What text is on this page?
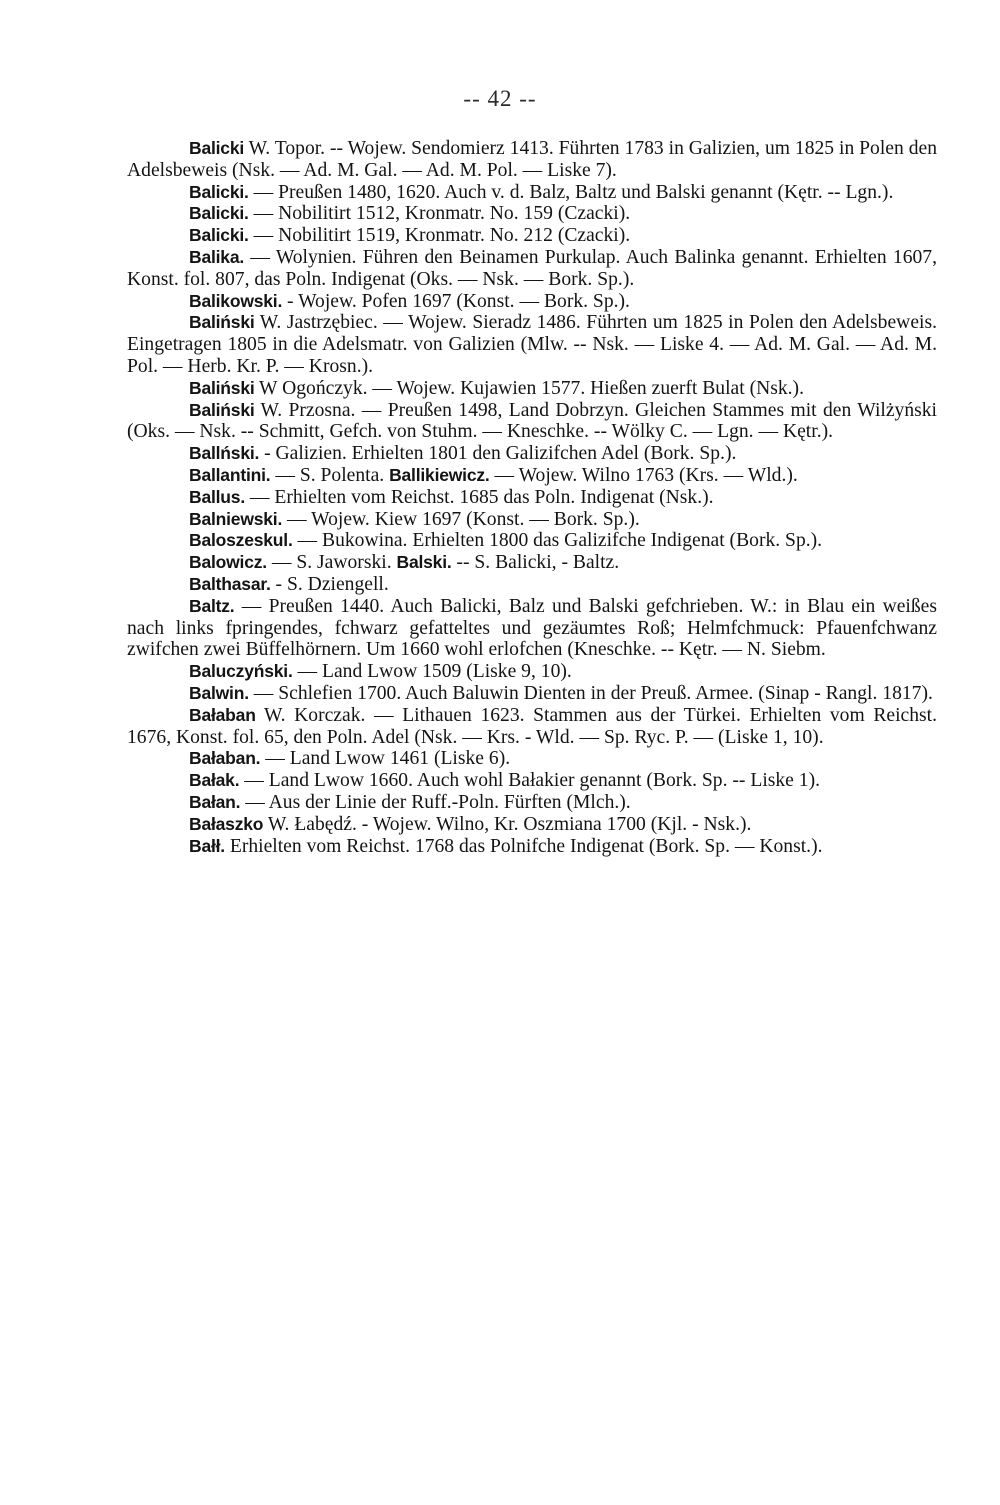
-- 42 --

Balicki W. Topor. -- Wojew. Sendomierz 1413. Führten 1783 in Galizien, um 1825 in Polen den Adelsbeweis (Nsk. — Ad. M. Gal. — Ad. M. Pol. — Liske 7).

Balicki. — Preußen 1480, 1620. Auch v. d. Balz, Baltz und Balski genannt (Kętr. -- Lgn.).

Balicki. — Nobilitirt 1512, Kronmatr. No. 159 (Czacki).

Balicki. — Nobilitirt 1519, Kronmatr. No. 212 (Czacki).

Balika. — Wolynien. Führen den Beinamen Purkulap. Auch Balinka genannt. Erhielten 1607, Konst. fol. 807, das Poln. Indigenat (Oks. — Nsk. — Bork. Sp.).

Balikowski. - Wojew. Pofen 1697 (Konst. — Bork. Sp.).

Baliński W. Jastrzębiec. — Wojew. Sieradz 1486. Führten um 1825 in Polen den Adelsbeweis. Eingetragen 1805 in die Adelsmatr. von Galizien (Mlw. -- Nsk. — Liske 4. — Ad. M. Gal. — Ad. M. Pol. — Herb. Kr. P. — Krosn.).

Baliński W Ogończyk. — Wojew. Kujawien 1577. Hießen zuerft Bulat (Nsk.).

Baliński W. Przosna. — Preußen 1498, Land Dobrzyn. Gleichen Stammes mit den Wilżyński (Oks. — Nsk. -- Schmitt, Gefch. von Stuhm. — Kneschke. -- Wölky C. — Lgn. — Kętr.).

Ballński. - Galizien. Erhielten 1801 den Galizifchen Adel (Bork. Sp.).

Ballantini. — S. Polenta. Ballikiewicz. — Wojew. Wilno 1763 (Krs. — Wld.).

Ballus. — Erhielten vom Reichst. 1685 das Poln. Indigenat (Nsk.).

Balniewski. — Wojew. Kiew 1697 (Konst. — Bork. Sp.).

Baloszeskul. — Bukowina. Erhielten 1800 das Galizifche Indigenat (Bork. Sp.).

Balowicz. — S. Jaworski. Balski. -- S. Balicki, - Baltz.

Balthasar. - S. Dziengell.

Baltz. — Preußen 1440. Auch Balicki, Balz und Balski gefchrieben. W.: in Blau ein weißes nach links fpringendes, fchwarz gefatteltes und gezäumtes Roß; Helmfchmuck: Pfauenfchwanz zwifchen zwei Büffelhörnern. Um 1660 wohl erlofchen (Kneschke. -- Kętr. — N. Siebm.

Baluczyński. — Land Lwow 1509 (Liske 9, 10).

Balwin. — Schlefien 1700. Auch Baluwin Dienten in der Preuß. Armee. (Sinap - Rangl. 1817).

Bałaban W. Korczak. — Lithauen 1623. Stammen aus der Türkei. Erhielten vom Reichst. 1676, Konst. fol. 65, den Poln. Adel (Nsk. — Krs. - Wld. — Sp. Ryc. P. — (Liske 1, 10).

Bałaban. — Land Lwow 1461 (Liske 6).

Bałak. — Land Lwow 1660. Auch wohl Bałakier genannt (Bork. Sp. -- Liske 1).

Bałan. — Aus der Linie der Ruff.-Poln. Fürften (Mlch.).

Bałaszko W. Łabędź. - Wojew. Wilno, Kr. Oszmiana 1700 (Kjl. - Nsk.).

Bałł. Erhielten vom Reichst. 1768 das Polnifche Indigenat (Bork. Sp. — Konst.).
